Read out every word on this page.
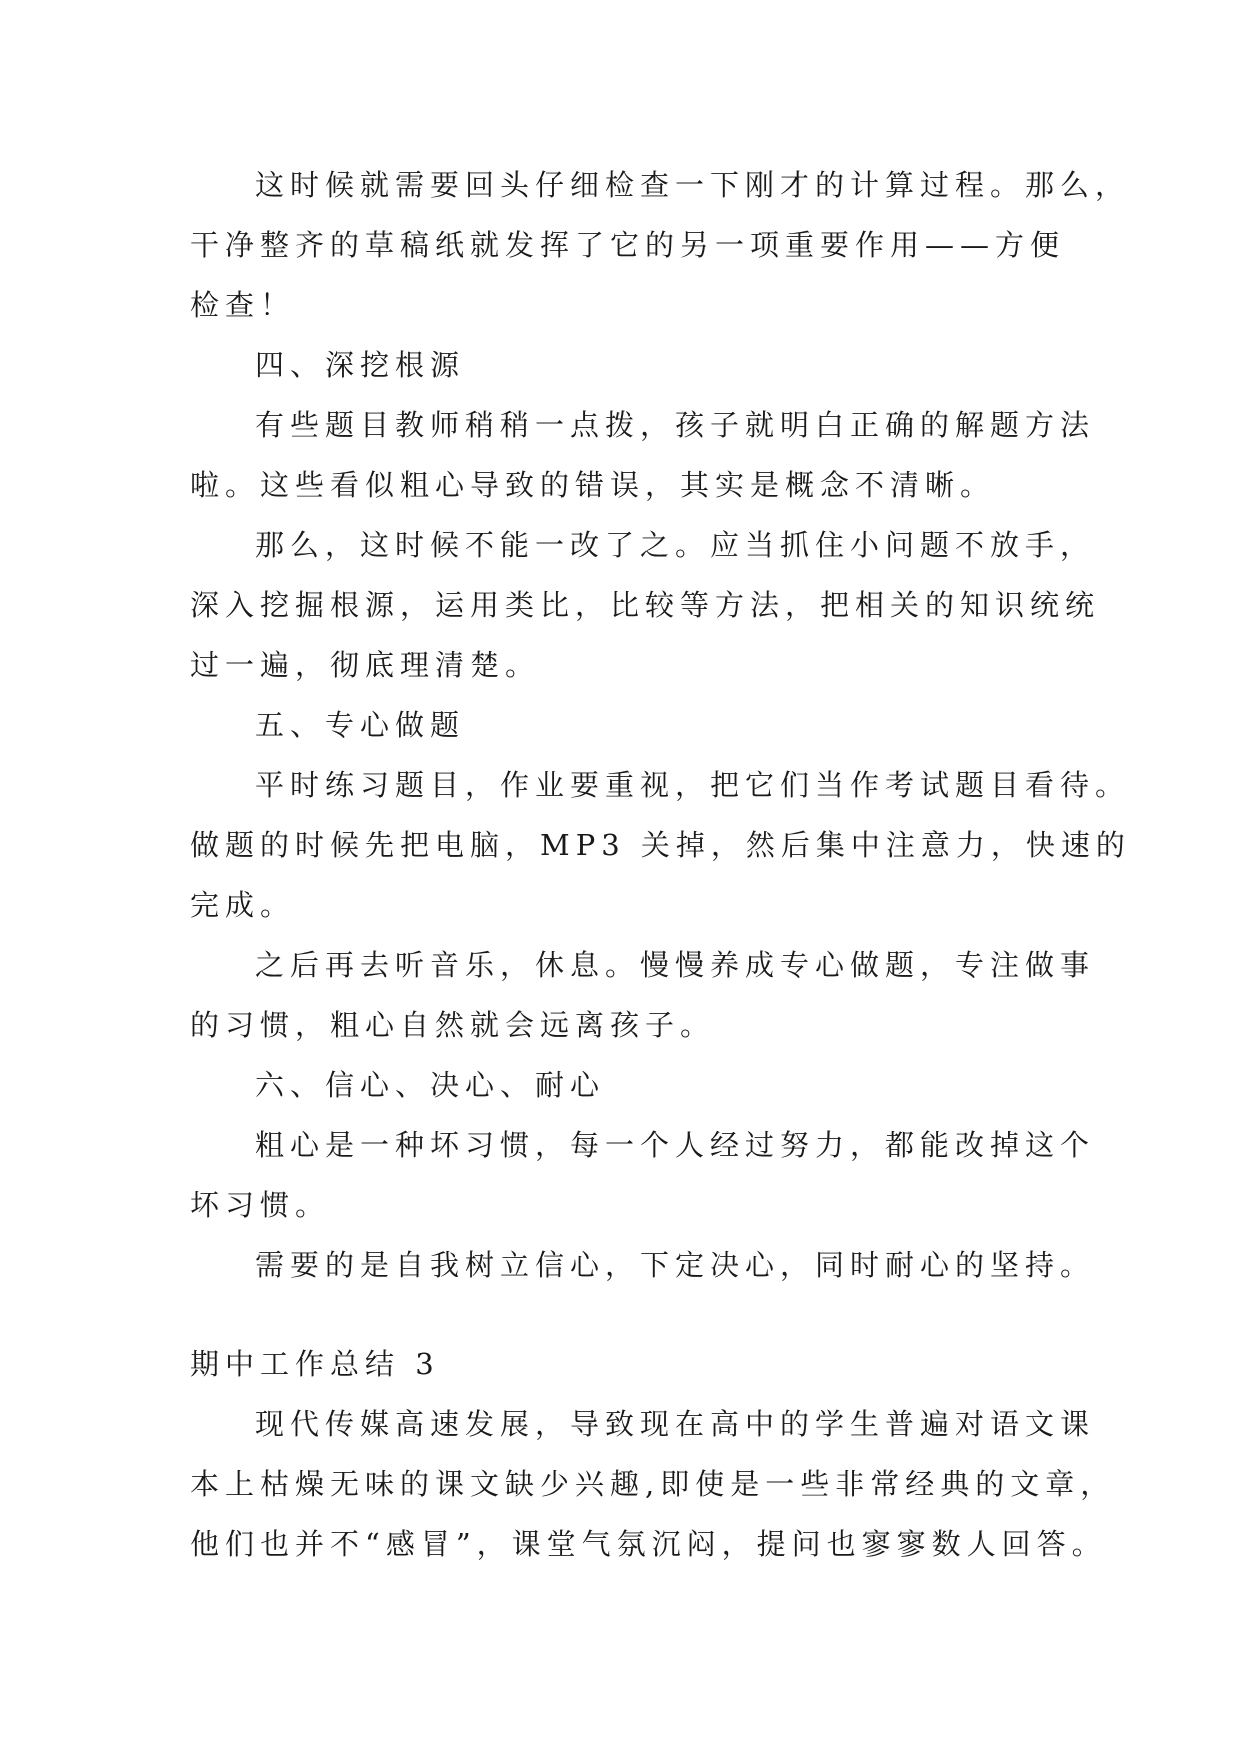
这时候就需要回头仔细检查一下刚才的计算过程。那么，
干净整齐的草稿纸就发挥了它的另一项重要作用——方便
检查！
四、深挖根源
有些题目教师稍稍一点拨，孩子就明白正确的解题方法
啦。这些看似粗心导致的错误，其实是概念不清晰。
那么，这时候不能一改了之。应当抓住小问题不放手，
深入挖掘根源，运用类比，比较等方法，把相关的知识统统
过一遍，彻底理清楚。
五、专心做题
平时练习题目，作业要重视，把它们当作考试题目看待。
做题的时候先把电脑，MP3 关掉，然后集中注意力，快速的
完成。
之后再去听音乐，休息。慢慢养成专心做题，专注做事
的习惯，粗心自然就会远离孩子。
六、信心、决心、耐心
粗心是一种坏习惯，每一个人经过努力，都能改掉这个
坏习惯。
需要的是自我树立信心，下定决心，同时耐心的坚持。
期中工作总结 3
现代传媒高速发展，导致现在高中的学生普遍对语文课
本上枯燥无味的课文缺少兴趣,即使是一些非常经典的文章，
他们也并不“感冒”，课堂气氛沉闷，提问也寥寥数人回答。
